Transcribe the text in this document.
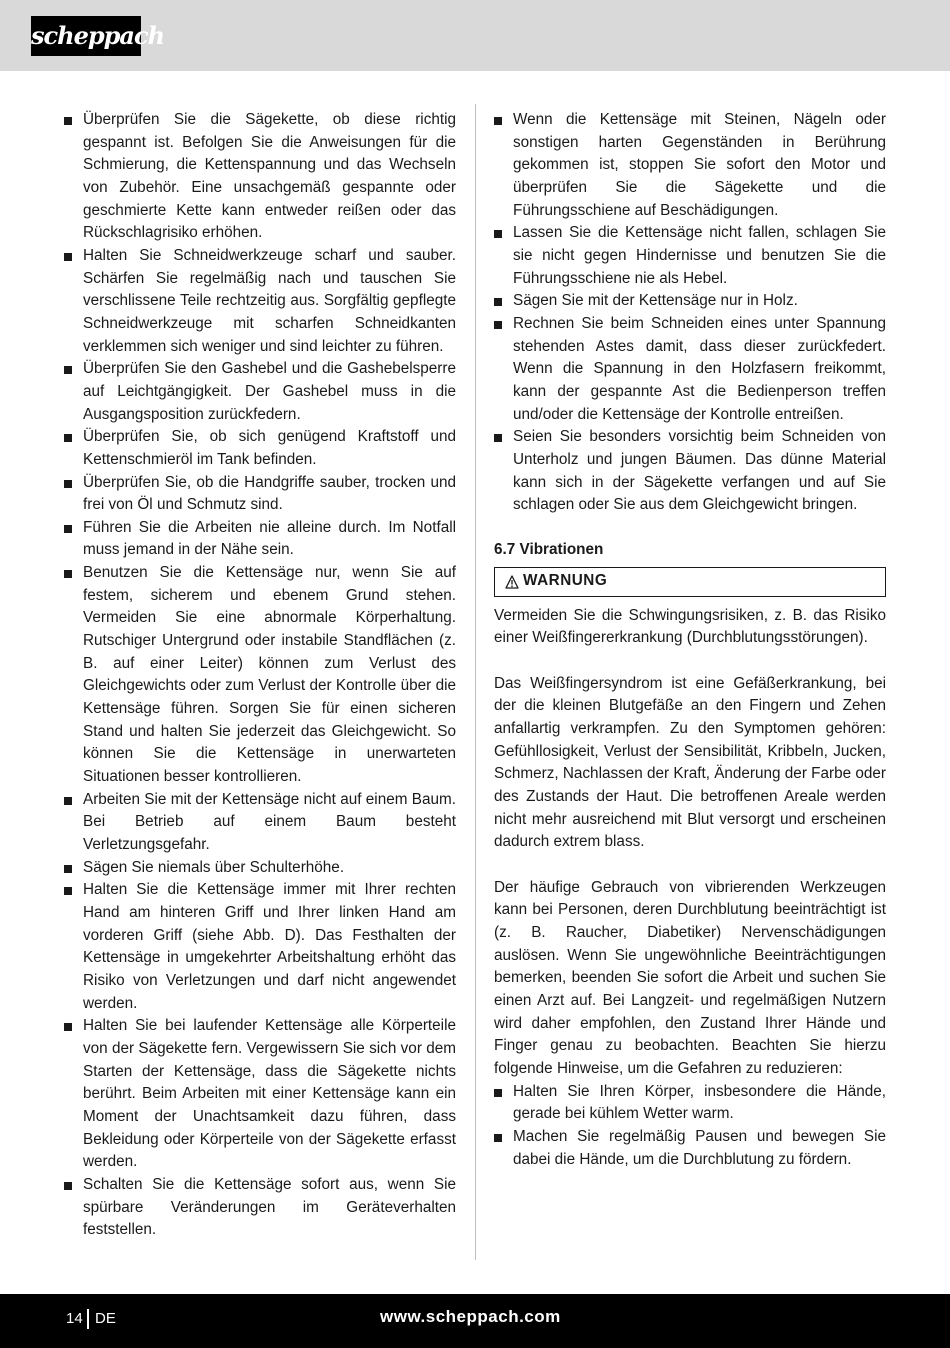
scheppach
Überprüfen Sie die Sägekette, ob diese richtig gespannt ist. Befolgen Sie die Anweisungen für die Schmierung, die Kettenspannung und das Wechseln von Zubehör. Eine unsachgemäß gespannte oder geschmierte Kette kann entweder reißen oder das Rückschlagrisiko erhöhen.
Halten Sie Schneidwerkzeuge scharf und sauber. Schärfen Sie regelmäßig nach und tauschen Sie verschlissene Teile rechtzeitig aus. Sorgfältig gepflegte Schneidwerkzeuge mit scharfen Schneidkanten verklemmen sich weniger und sind leichter zu führen.
Überprüfen Sie den Gashebel und die Gashebelsperre auf Leichtgängigkeit. Der Gashebel muss in die Ausgangsposition zurückfedern.
Überprüfen Sie, ob sich genügend Kraftstoff und Kettenschmieröl im Tank befinden.
Überprüfen Sie, ob die Handgriffe sauber, trocken und frei von Öl und Schmutz sind.
Führen Sie die Arbeiten nie alleine durch. Im Notfall muss jemand in der Nähe sein.
Benutzen Sie die Kettensäge nur, wenn Sie auf festem, sicherem und ebenem Grund stehen. Vermeiden Sie eine abnormale Körperhaltung. Rutschiger Untergrund oder instabile Standflächen (z. B. auf einer Leiter) können zum Verlust des Gleichgewichts oder zum Verlust der Kontrolle über die Kettensäge führen. Sorgen Sie für einen sicheren Stand und halten Sie jederzeit das Gleichgewicht. So können Sie die Kettensäge in unerwarteten Situationen besser kontrollieren.
Arbeiten Sie mit der Kettensäge nicht auf einem Baum. Bei Betrieb auf einem Baum besteht Verletzungsgefahr.
Sägen Sie niemals über Schulterhöhe.
Halten Sie die Kettensäge immer mit Ihrer rechten Hand am hinteren Griff und Ihrer linken Hand am vorderen Griff (siehe Abb. D). Das Festhalten der Kettensäge in umgekehrter Arbeitshaltung erhöht das Risiko von Verletzungen und darf nicht angewendet werden.
Halten Sie bei laufender Kettensäge alle Körperteile von der Sägekette fern. Vergewissern Sie sich vor dem Starten der Kettensäge, dass die Sägekette nichts berührt. Beim Arbeiten mit einer Kettensäge kann ein Moment der Unachtsamkeit dazu führen, dass Bekleidung oder Körperteile von der Sägekette erfasst werden.
Schalten Sie die Kettensäge sofort aus, wenn Sie spürbare Veränderungen im Geräteverhalten feststellen.
Wenn die Kettensäge mit Steinen, Nägeln oder sonstigen harten Gegenständen in Berührung gekommen ist, stoppen Sie sofort den Motor und überprüfen Sie die Sägekette und die Führungsschiene auf Beschädigungen.
Lassen Sie die Kettensäge nicht fallen, schlagen Sie sie nicht gegen Hindernisse und benutzen Sie die Führungsschiene nie als Hebel.
Sägen Sie mit der Kettensäge nur in Holz.
Rechnen Sie beim Schneiden eines unter Spannung stehenden Astes damit, dass dieser zurückfedert. Wenn die Spannung in den Holzfasern freikommt, kann der gespannte Ast die Bedienperson treffen und/oder die Kettensäge der Kontrolle entreißen.
Seien Sie besonders vorsichtig beim Schneiden von Unterholz und jungen Bäumen. Das dünne Material kann sich in der Sägekette verfangen und auf Sie schlagen oder Sie aus dem Gleichgewicht bringen.
6.7 Vibrationen
WARNUNG

Vermeiden Sie die Schwingungsrisiken, z. B. das Risiko einer Weißfingererkrankung (Durchblutungsstörungen).

Das Weißfingersyndrom ist eine Gefäßerkrankung, bei der die kleinen Blutgefäße an den Fingern und Zehen anfallartig verkrampfen. Zu den Symptomen gehören: Gefühllosigkeit, Verlust der Sensibilität, Kribbeln, Jucken, Schmerz, Nachlassen der Kraft, Änderung der Farbe oder des Zustands der Haut. Die betroffenen Areale werden nicht mehr ausreichend mit Blut versorgt und erscheinen dadurch extrem blass.

Der häufige Gebrauch von vibrierenden Werkzeugen kann bei Personen, deren Durchblutung beeinträchtigt ist (z. B. Raucher, Diabetiker) Nervenschädigungen auslösen. Wenn Sie ungewöhnliche Beeinträchtigungen bemerken, beenden Sie sofort die Arbeit und suchen Sie einen Arzt auf. Bei Langzeit- und regelmäßigen Nutzern wird daher empfohlen, den Zustand Ihrer Hände und Finger genau zu beobachten. Beachten Sie hierzu folgende Hinweise, um die Gefahren zu reduzieren:

Halten Sie Ihren Körper, insbesondere die Hände, gerade bei kühlem Wetter warm.
Machen Sie regelmäßig Pausen und bewegen Sie dabei die Hände, um die Durchblutung zu fördern.
14 DE	www.scheppach.com
